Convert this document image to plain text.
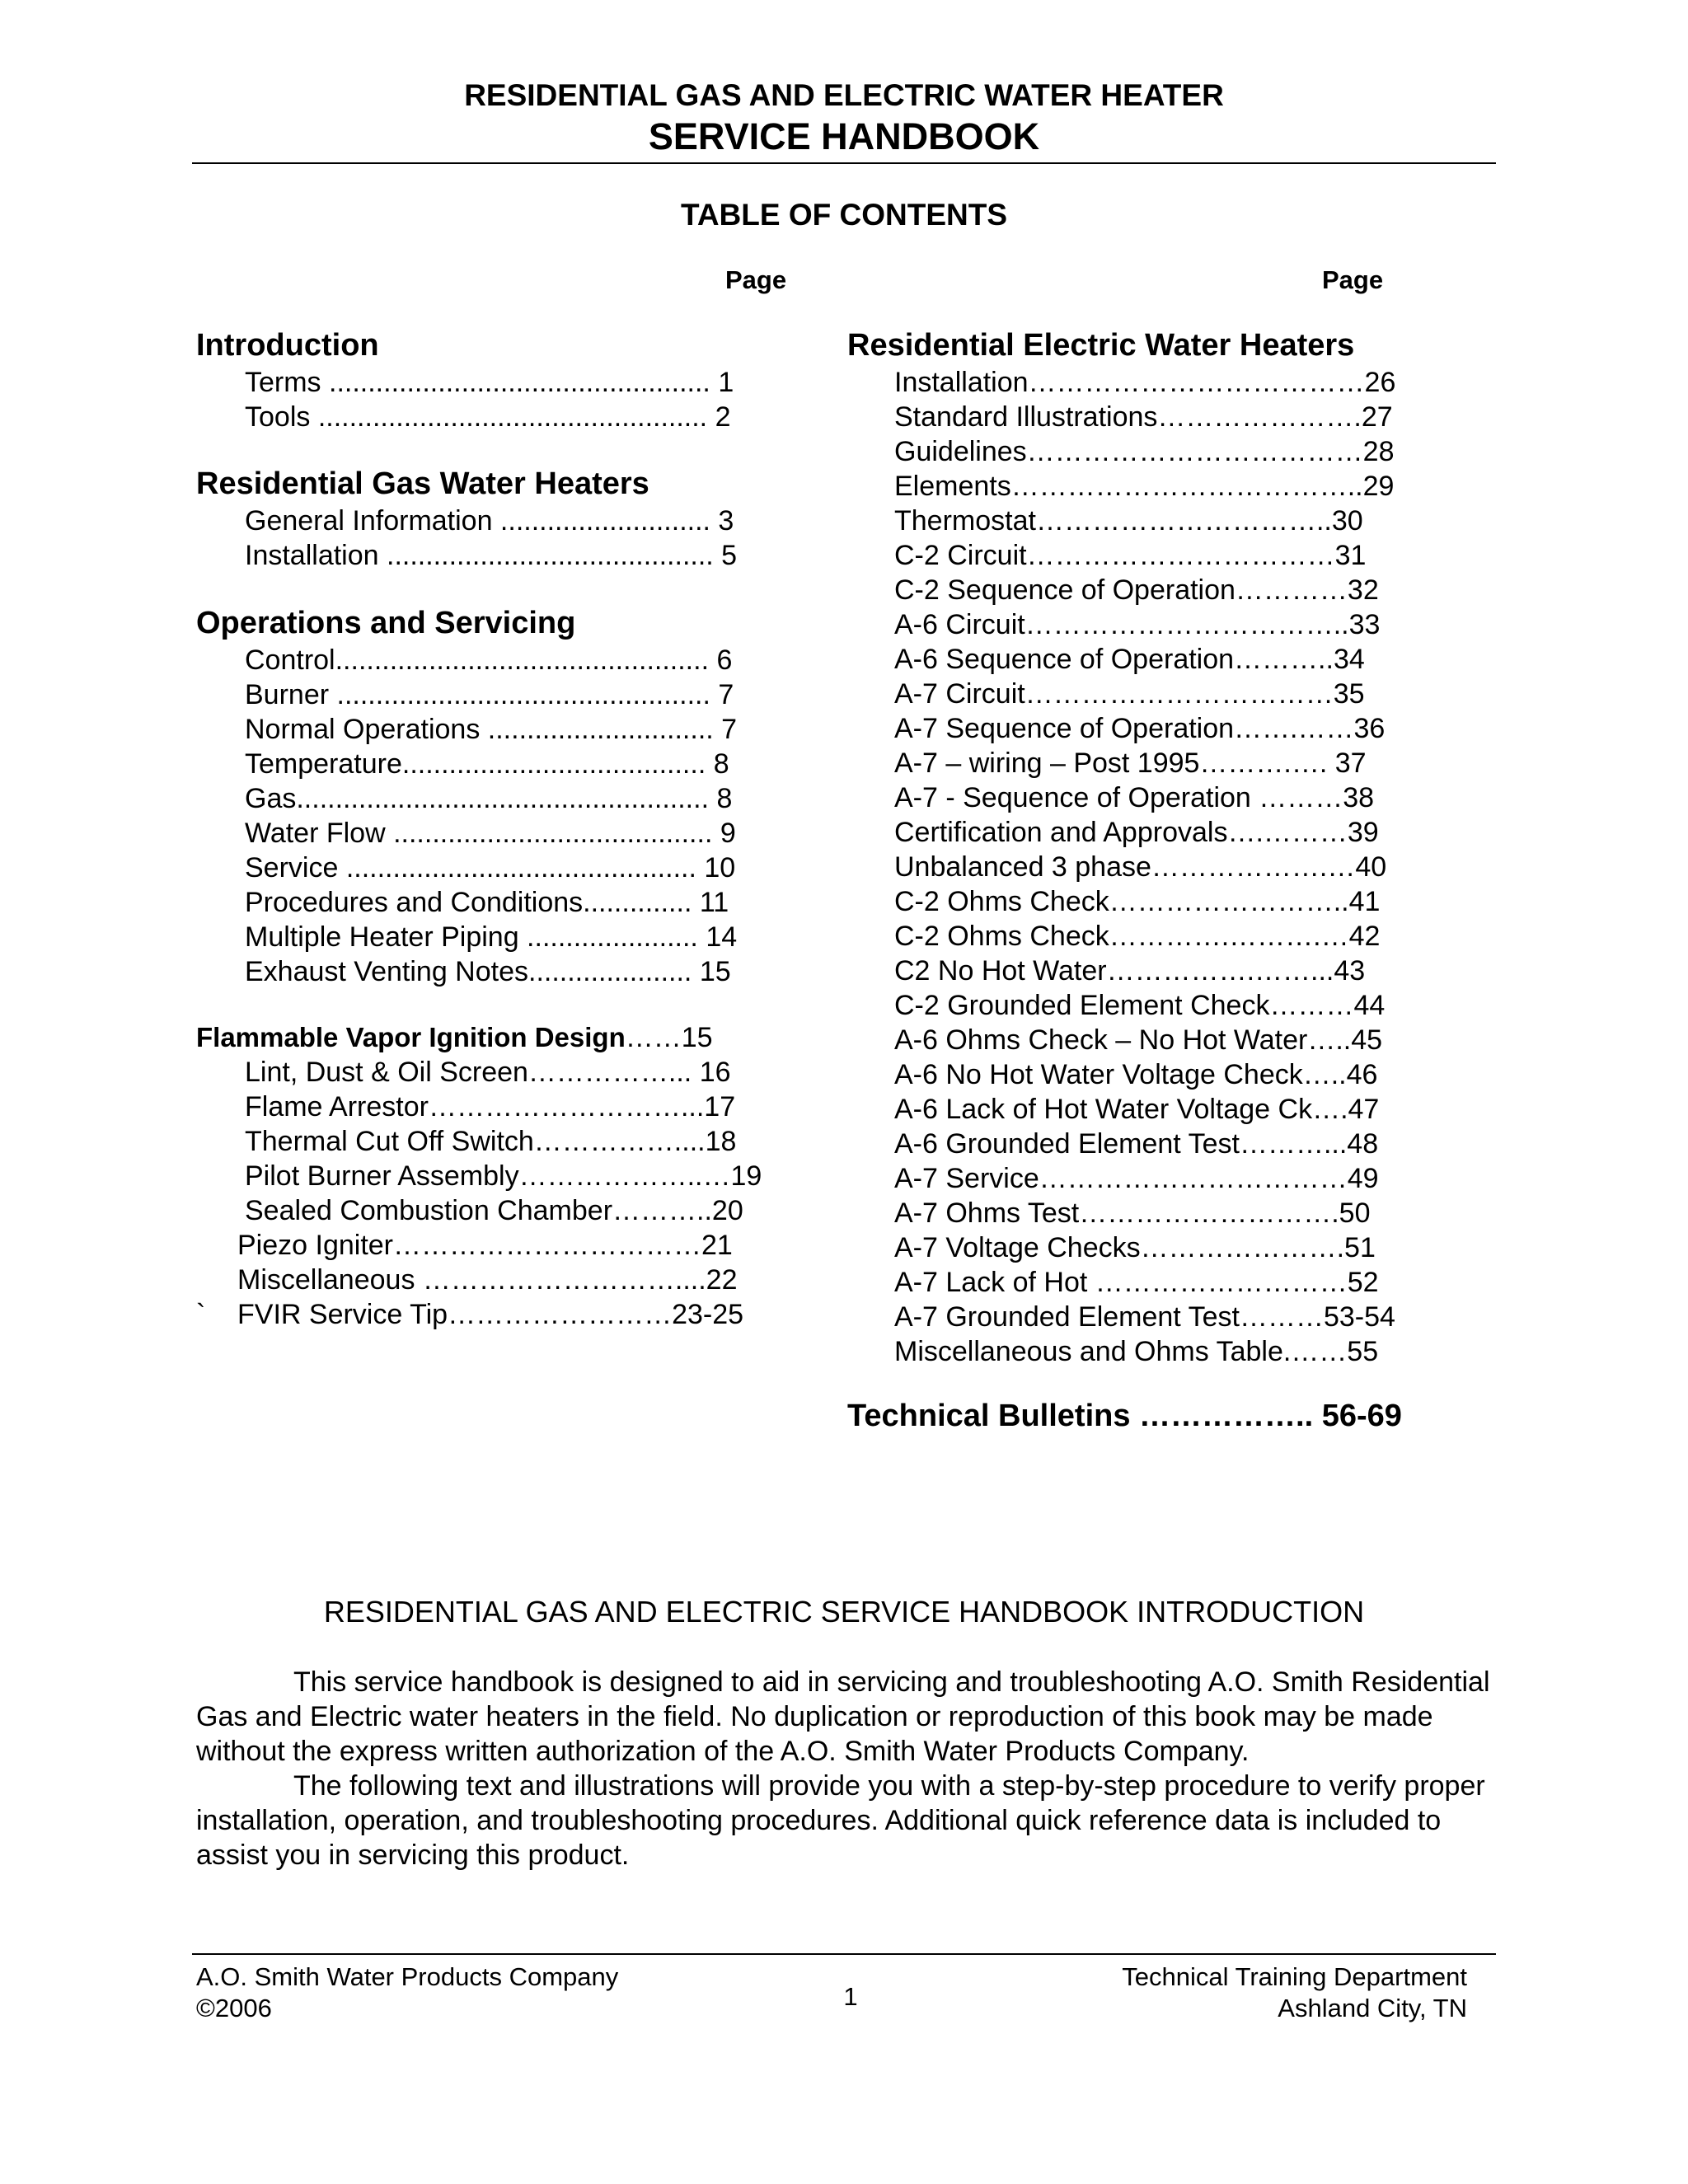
RESIDENTIAL GAS AND ELECTRIC WATER HEATER
SERVICE HANDBOOK
TABLE OF CONTENTS
Page	Page
Introduction
Terms ................................................. 1
Tools .................................................. 2
Residential Gas Water Heaters
General Information ........................... 3
Installation .......................................... 5
Operations and Servicing
Control................................................ 6
Burner ................................................ 7
Normal Operations ............................. 7
Temperature....................................... 8
Gas..................................................... 8
Water Flow ......................................... 9
Service ............................................. 10
Procedures and Conditions.............. 11
Multiple Heater Piping ...................... 14
Exhaust Venting Notes..................... 15
Flammable Vapor Ignition Design……15
Lint, Dust & Oil Screen……………... 16
Flame Arrestor………………………...17
Thermal Cut Off Switch……………....18
Pilot Burner Assembly………………..…19
Sealed Combustion Chamber………..20
Piezo Igniter……………………………21
Miscellaneous ………………………....22
` FVIR Service Tip……………………23-25
Residential Electric Water Heaters
Installation………………………………26
Standard Illustrations………………….27
Guidelines………………………………28
Elements………………………………..29
Thermostat…………………………..30
C-2 Circuit……………………………31
C-2 Sequence of Operation…………32
A-6 Circuit……………………………..33
A-6 Sequence of Operation………..34
A-7 Circuit……………………………35
A-7 Sequence of Operation…….……36
A-7 – wiring – Post 1995……….…. 37
A-7 - Sequence of Operation ………38
Certification and Approvals….………39
Unbalanced 3 phase……………….…40
C-2 Ohms Check……………………..41
C-2 Ohms Check………….……….…42
C2 No Hot Water…………….……...43
C-2 Grounded Element Check………44
A-6 Ohms Check – No Hot Water…..45
A-6 No Hot Water Voltage Check…..46
A-6 Lack of Hot Water Voltage Ck….47
A-6 Grounded Element Test………...48
A-7 Service……………………………49
A-7 Ohms Test……………………….50
A-7 Voltage Checks………………….51
A-7 Lack of Hot ………………………52
A-7 Grounded Element Test………53-54
Miscellaneous and Ohms Table.……55
Technical Bulletins …………….. 56-69
RESIDENTIAL GAS AND ELECTRIC SERVICE HANDBOOK INTRODUCTION

This service handbook is designed to aid in servicing and troubleshooting A.O. Smith Residential Gas and Electric water heaters in the field. No duplication or reproduction of this book may be made without the express written authorization of the A.O. Smith Water Products Company.

The following text and illustrations will provide you with a step-by-step procedure to verify proper installation, operation, and troubleshooting procedures. Additional quick reference data is included to assist you in servicing this product.

A.O. Smith Water Products Company
©2006	1
Technical Training Department
Ashland City, TN
